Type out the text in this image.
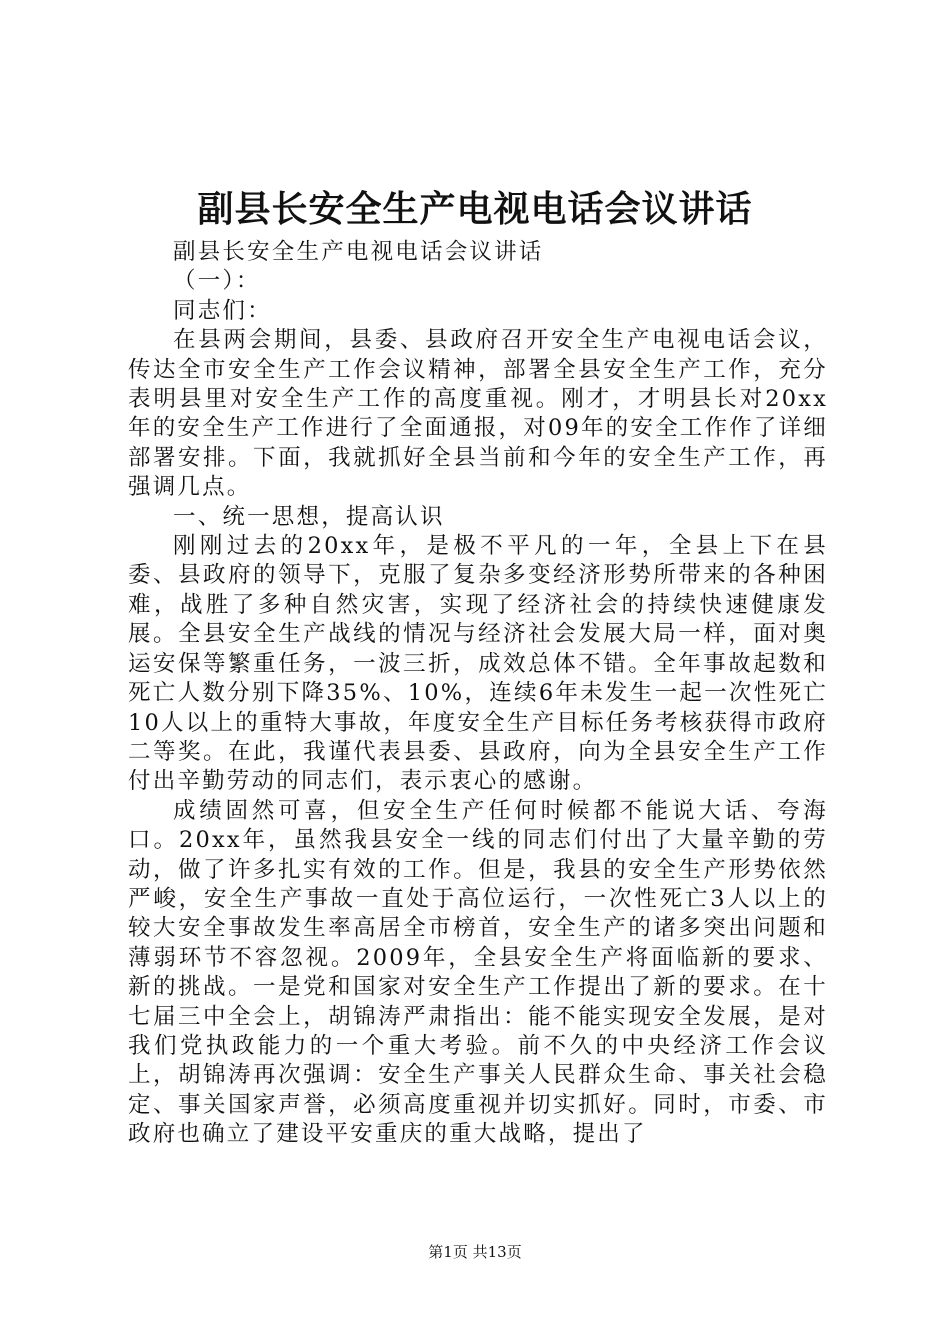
副县长安全生产电视电话会议讲话

副县长安全生产电视电话会议讲话

（一）：

同志们：

在县两会期间，县委、县政府召开安全生产电视电话会议，传达全市安全生产工作会议精神，部署全县安全生产工作，充分表明县里对安全生产工作的高度重视。刚才，才明县长对20xx年的安全生产工作进行了全面通报，对09年的安全工作作了详细部署安排。下面，我就抓好全县当前和今年的安全生产工作，再强调几点。

一、统一思想，提高认识

刚刚过去的20xx年，是极不平凡的一年，全县上下在县委、县政府的领导下，克服了复杂多变经济形势所带来的各种困难，战胜了多种自然灾害，实现了经济社会的持续快速健康发展。全县安全生产战线的情况与经济社会发展大局一样，面对奥运安保等繁重任务，一波三折，成效总体不错。全年事故起数和死亡人数分别下降35%、10%，连续6年未发生一起一次性死亡10人以上的重特大事故，年度安全生产目标任务考核获得市政府二等奖。在此，我谨代表县委、县政府，向为全县安全生产工作付出辛勤劳动的同志们，表示衷心的感谢。

成绩固然可喜，但安全生产任何时候都不能说大话、夸海口。20xx年，虽然我县安全一线的同志们付出了大量辛勤的劳动，做了许多扎实有效的工作。但是，我县的安全生产形势依然严峻，安全生产事故一直处于高位运行，一次性死亡3人以上的较大安全事故发生率高居全市榜首，安全生产的诸多突出问题和薄弱环节不容忽视。2009年，全县安全生产将面临新的要求、新的挑战。一是党和国家对安全生产工作提出了新的要求。在十七届三中全会上，胡锦涛严肃指出：能不能实现安全发展，是对我们党执政能力的一个重大考验。前不久的中央经济工作会议上，胡锦涛再次强调：安全生产事关人民群众生命、事关社会稳定、事关国家声誉，必须高度重视并切实抓好。同时，市委、市政府也确立了建设平安重庆的重大战略，提出了

第1页 共13页
